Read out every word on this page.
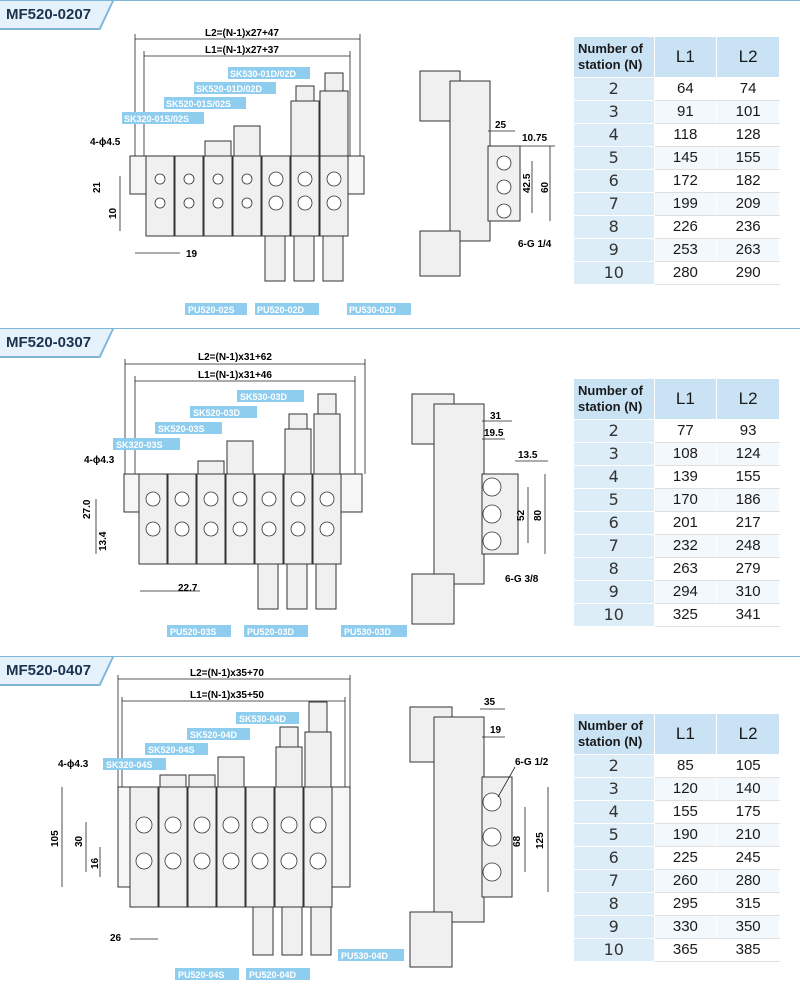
MF520-0207
L2=(N-1)x27+47
L1=(N-1)x27+37
4-ϕ4.5
21
10
19
25
10.75
42.5 60
6-G 1/4
SK530-01D/02D
SK520-01D/02D
SK520-01S/02S
SK320-01S/02S
PU520-02S PU520-02D	PU530-02D
Number of station (N)	L1	L2
2	64	74
3	91	101
4	118	128
5	145	155
6	172	182
7	199	209
8	226	236
9	253	263
10	280	290
MF520-0307
L2=(N-1)x31+62
L1=(N-1)x31+46
4-ϕ4.3
27.0
13.4
22.7
31
19.5
13.5
52 80
6-G 3/8
SK530-03D
SK520-03D
SK520-03S
SK320-03S
PU520-03S	PU520-03D	PU530-03D
Number of station (N)	L1	L2
2	77	93
3	108	124
4	139	155
5	170	186
6	201	217
7	232	248
8	263	279
9	294	310
10	325	341
MF520-0407	L2=(N-1)x35+70
L1=(N-1)x35+50
4-ϕ4.3
105 30
16
26
35
19
6-G 1/2
68 125
SK530-04D
SK520-04D
SK520-04S
SK320-04S
PU520-04S	PU520-04D
PU530-04D
Number of station (N)	L1	L2
2	85	105
3	120	140
4	155	175
5	190	210
6	225	245
7	260	280
8	295	315
9	330	350
10	365	385
